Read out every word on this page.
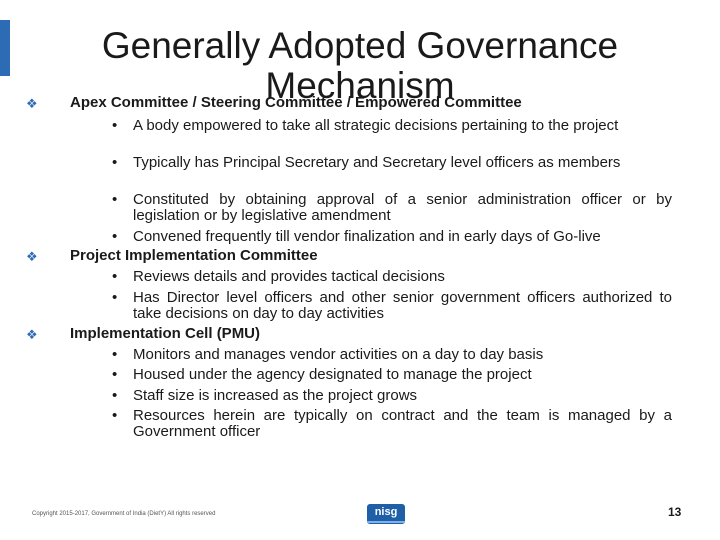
Generally Adopted Governance Mechanism
❖ Apex Committee / Steering Committee / Empowered Committee
• A body empowered to take all strategic decisions pertaining to the project
• Typically has Principal Secretary and Secretary level officers as members
• Constituted by obtaining approval of a senior administration officer or by legislation or by legislative amendment
• Convened frequently till vendor finalization and in early days of Go-live
❖ Project Implementation Committee
• Reviews details and provides tactical decisions
• Has Director level officers and other senior government officers authorized to take decisions on day to day activities
❖ Implementation Cell (PMU)
• Monitors and manages vendor activities on a day to day basis
• Housed under the agency designated to manage the project
• Staff size is increased as the project grows
• Resources herein are typically on contract and the team is managed by a Government officer
Copyright 2015-2017, Government of India (DietY) All rights reserved	nisg	13
